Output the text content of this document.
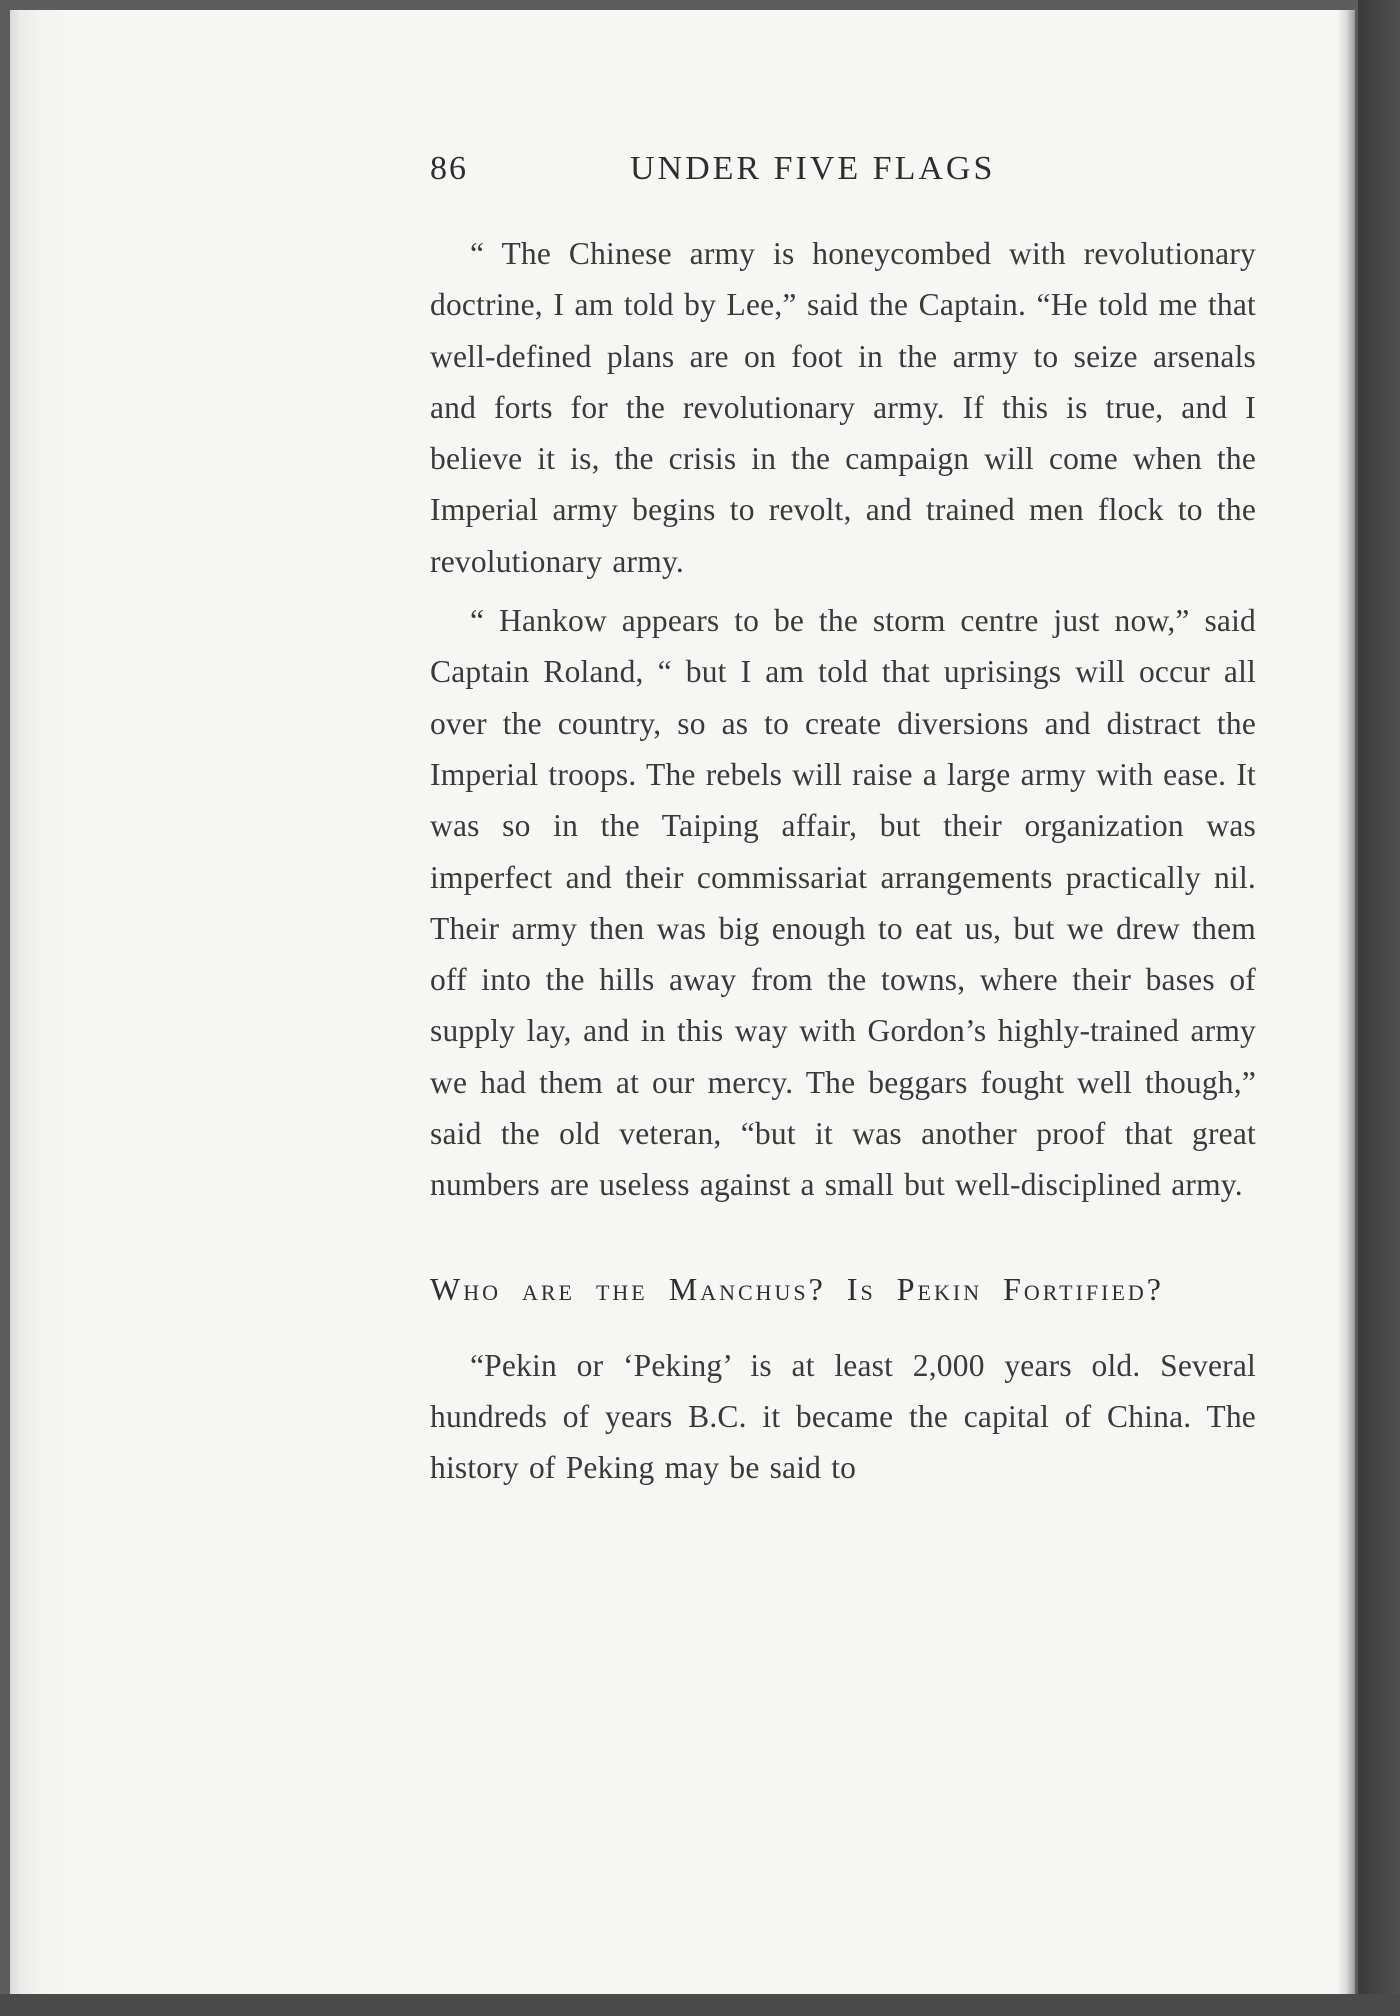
86	UNDER FIVE FLAGS

“ The Chinese army is honeycombed with revolutionary doctrine, I am told by Lee,” said the Captain. “He told me that well-defined plans are on foot in the army to seize arsenals and forts for the revolutionary army. If this is true, and I believe it is, the crisis in the campaign will come when the Imperial army begins to revolt, and trained men flock to the revolutionary army.

“ Hankow appears to be the storm centre just now,” said Captain Roland, “ but I am told that uprisings will occur all over the country, so as to create diversions and distract the Imperial troops. The rebels will raise a large army with ease. It was so in the Taiping affair, but their organization was imperfect and their commissariat arrangements practically nil. Their army then was big enough to eat us, but we drew them off into the hills away from the towns, where their bases of supply lay, and in this way with Gordon’s highly-trained army we had them at our mercy. The beggars fought well though,” said the old veteran, “but it was another proof that great numbers are useless against a small but well-disciplined army.

Who are the Manchus? Is Pekin Fortified?

“Pekin or ‘Peking’ is at least 2,000 years old. Several hundreds of years B.C. it became the capital of China. The history of Peking may be said to
